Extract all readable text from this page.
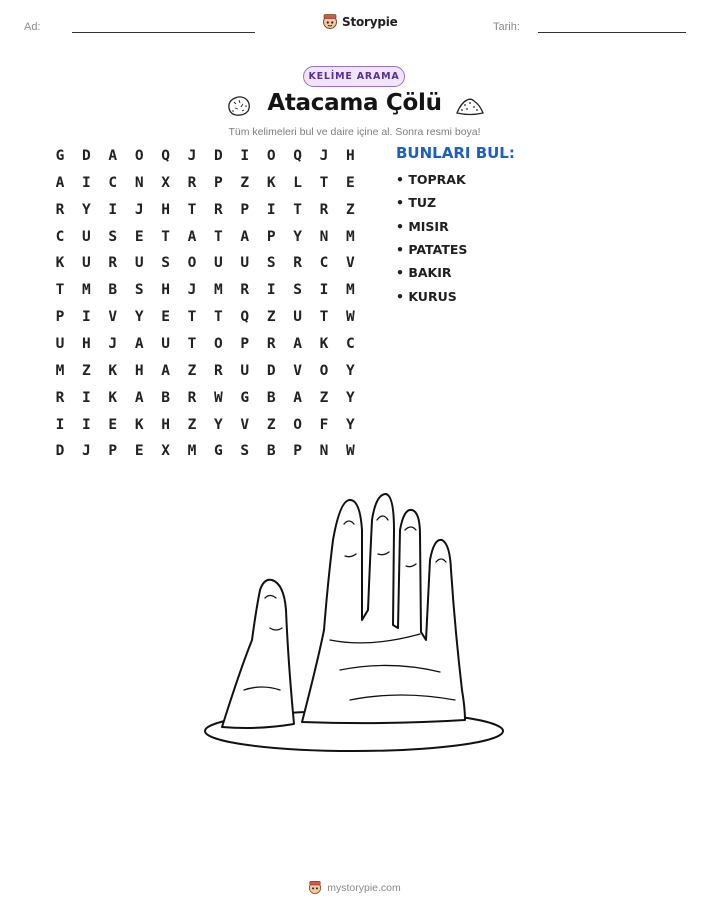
Ad:	Storypie	Tarih:
KELİME ARAMA
Atacama Çölü
Tüm kelimeleri bul ve daire içine al. Sonra resmi boya!
G	D	A	O	Q	J	D	I	O	Q	J	H
A	I	C	N	X	R	P	Z	K	L	T	E
R	Y	I	J	H	T	R	P	I	T	R	Z
C	U	S	E	T	A	T	A	P	Y	N	M
K	U	R	U	S	O	U	U	S	R	C	V
T	M	B	S	H	J	M	R	I	S	I	M
P	I	V	Y	E	T	T	Q	Z	U	T	W
U	H	J	A	U	T	O	P	R	A	K	C
M	Z	K	H	A	Z	R	U	D	V	O	Y
R	I	K	A	B	R	W	G	B	A	Z	Y
I	I	E	K	H	Z	Y	V	Z	O	F	Y
D	J	P	E	X	M	G	S	B	P	N	W
BUNLARI BUL:
• TOPRAK
• TUZ
• MISIR
• PATATES
• BAKIR
• KURUS
mystorypie.com
